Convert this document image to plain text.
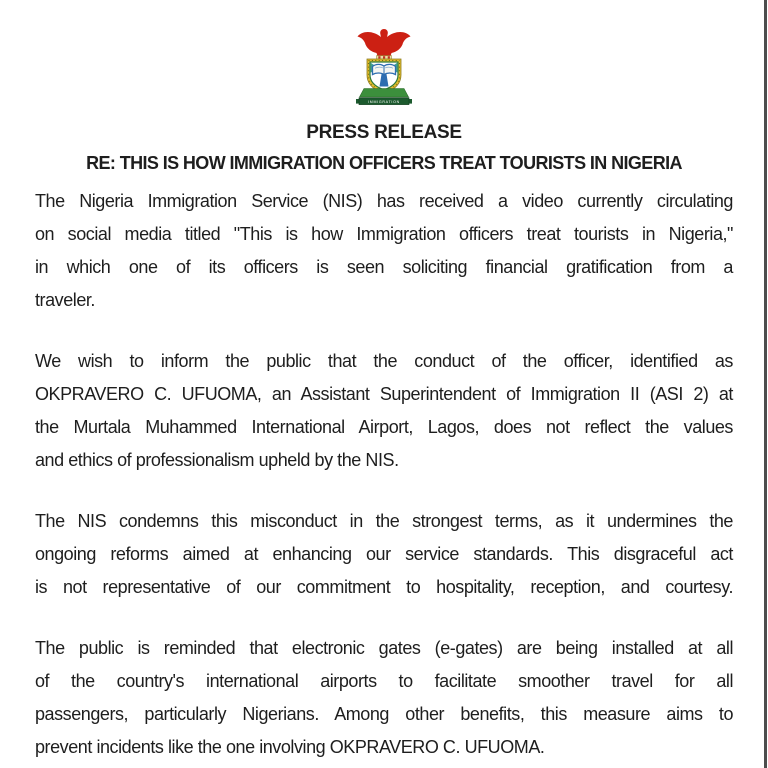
IMMIGRATION
PRESS RELEASE
RE: THIS IS HOW IMMIGRATION OFFICERS TREAT TOURISTS IN NIGERIA
The Nigeria Immigration Service (NIS) has received a video currently circulating
on social media titled "This is how Immigration officers treat tourists in Nigeria,"
in which one of its officers is seen soliciting financial gratification from a
traveler.
We wish to inform the public that the conduct of the officer, identified as
OKPRAVERO C. UFUOMA, an Assistant Superintendent of Immigration II (ASI 2) at
the Murtala Muhammed International Airport, Lagos, does not reflect the values
and ethics of professionalism upheld by the NIS.
The NIS condemns this misconduct in the strongest terms, as it undermines the
ongoing reforms aimed at enhancing our service standards. This disgraceful act
is not representative of our commitment to hospitality, reception, and courtesy.
The public is reminded that electronic gates (e-gates) are being installed at all
of the country's international airports to facilitate smoother travel for all
passengers, particularly Nigerians. Among other benefits, this measure aims to
prevent incidents like the one involving OKPRAVERO C. UFUOMA.
